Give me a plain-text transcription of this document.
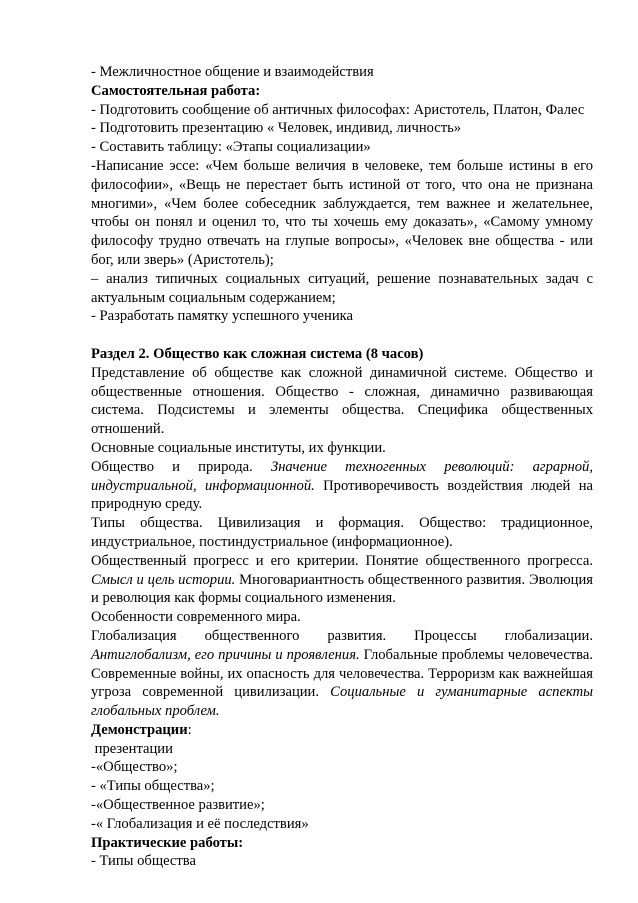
- Межличностное общение и взаимодействия

Самостоятельная работа:

- Подготовить сообщение об античных философах: Аристотель, Платон, Фалес

- Подготовить презентацию « Человек, индивид, личность»

- Составить таблицу: «Этапы социализации»

-Написание эссе: «Чем больше величия в человеке, тем больше истины в его философии», «Вещь не перестает быть истиной от того, что она не признана многими», «Чем более собеседник заблуждается, тем важнее и желательнее, чтобы он понял и оценил то, что ты хочешь ему доказать», «Самому умному философу трудно отвечать на глупые вопросы», «Человек вне общества - или бог, или зверь» (Аристотель);

– анализ типичных социальных ситуаций, решение познавательных задач с актуальным социальным содержанием;

- Разработать памятку успешного ученика

Раздел 2. Общество как сложная система (8 часов)

Представление об обществе как сложной динамичной системе. Общество и общественные отношения. Общество - сложная, динамично развивающая система. Подсистемы и элементы общества. Специфика общественных отношений.

Основные социальные институты, их функции.

Общество и природа. Значение техногенных революций: аграрной, индустриальной, информационной. Противоречивость воздействия людей на природную среду.

Типы общества. Цивилизация и формация. Общество: традиционное, индустриальное, постиндустриальное (информационное).

Общественный прогресс и его критерии. Понятие общественного прогресса. Смысл и цель истории. Многовариантность общественного развития. Эволюция и революция как формы социального изменения.

Особенности современного мира.

Глобализация общественного развития. Процессы глобализации. Антиглобализм, его причины и проявления. Глобальные проблемы человечества. Современные войны, их опасность для человечества. Терроризм как важнейшая угроза современной цивилизации. Социальные и гуманитарные аспекты глобальных проблем.

Демонстрации:

презентации

-«Общество»;

- «Типы общества»;

-«Общественное развитие»;

-« Глобализация и её последствия»

Практические работы:

- Типы общества
